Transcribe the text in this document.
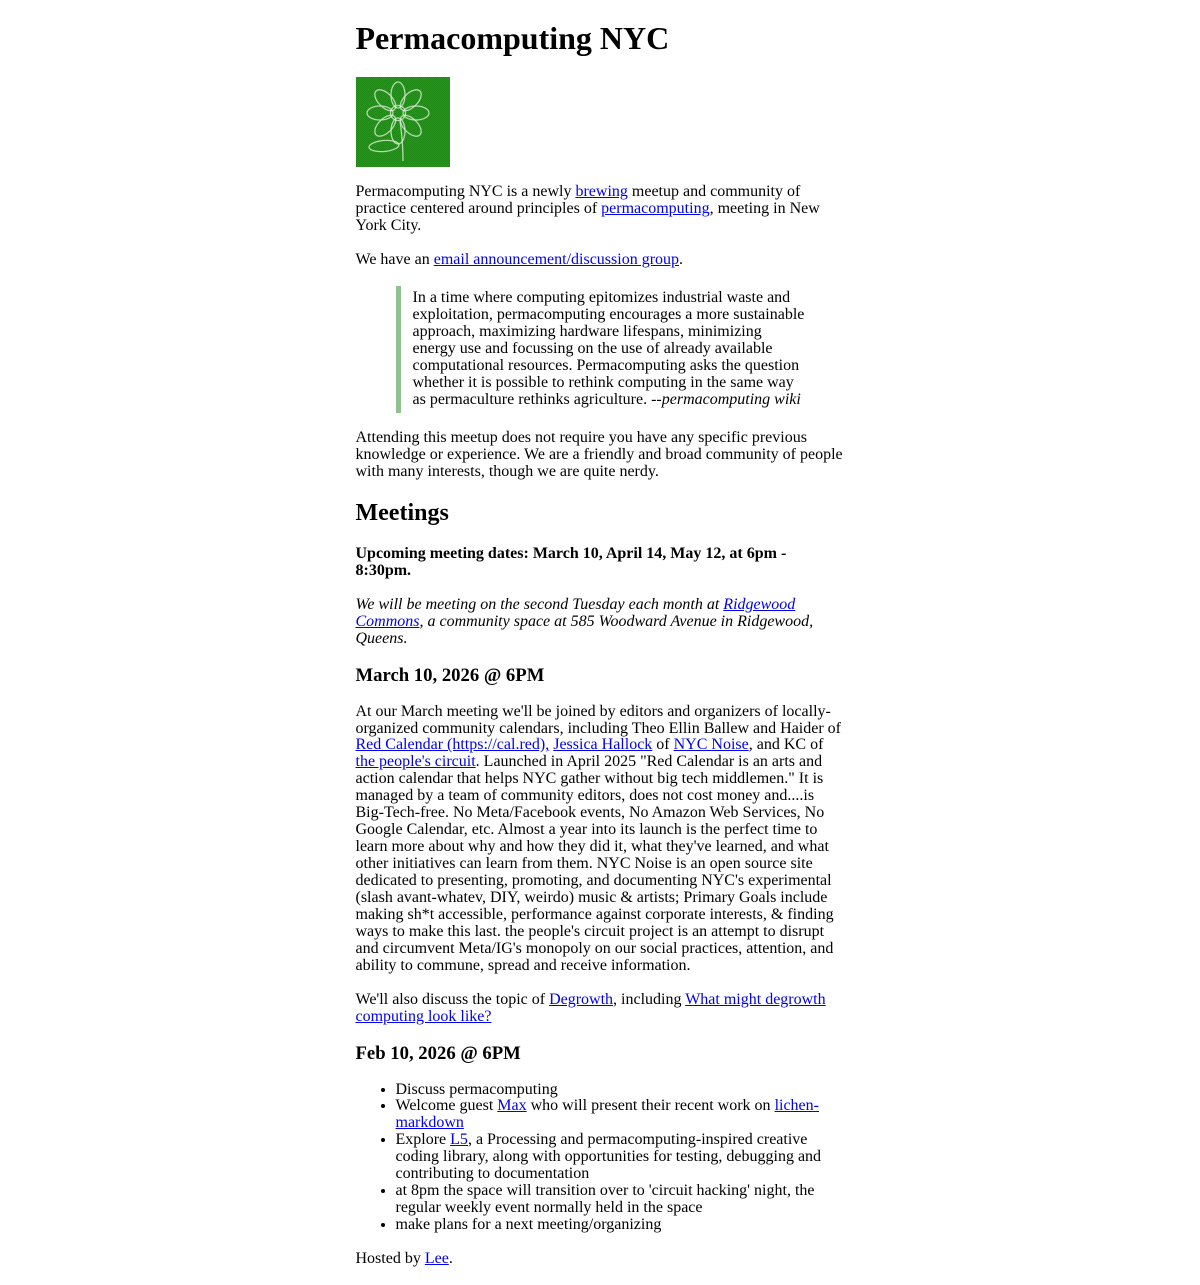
Permacomputing NYC

Permacomputing NYC is a newly brewing meetup and community of practice centered around principles of permacomputing, meeting in New York City.

We have an email announcement/discussion group.

In a time where computing epitomizes industrial waste and exploitation, permacomputing encourages a more sustainable approach, maximizing hardware lifespans, minimizing energy use and focussing on the use of already available computational resources. Permacomputing asks the question whether it is possible to rethink computing in the same way as permaculture rethinks agriculture. --permacomputing wiki

Attending this meetup does not require you have any specific previous knowledge or experience. We are a friendly and broad community of people with many interests, though we are quite nerdy.

Meetings

Upcoming meeting dates: March 10, April 14, May 12, at 6pm - 8:30pm.

We will be meeting on the second Tuesday each month at Ridgewood Commons, a community space at 585 Woodward Avenue in Ridgewood, Queens.

March 10, 2026 @ 6PM

At our March meeting we'll be joined by editors and organizers of locally-organized community calendars, including Theo Ellin Ballew and Haider of Red Calendar (https://cal.red), Jessica Hallock of NYC Noise, and KC of the people's circuit. Launched in April 2025 "Red Calendar is an arts and action calendar that helps NYC gather without big tech middlemen." It is managed by a team of community editors, does not cost money and....is Big-Tech-free. No Meta/Facebook events, No Amazon Web Services, No Google Calendar, etc. Almost a year into its launch is the perfect time to learn more about why and how they did it, what they've learned, and what other initiatives can learn from them. NYC Noise is an open source site dedicated to presenting, promoting, and documenting NYC's experimental (slash avant-whatev, DIY, weirdo) music & artists; Primary Goals include making sh*t accessible, performance against corporate interests, & finding ways to make this last. the people's circuit project is an attempt to disrupt and circumvent Meta/IG's monopoly on our social practices, attention, and ability to commune, spread and receive information.

We'll also discuss the topic of Degrowth, including What might degrowth computing look like?

Feb 10, 2026 @ 6PM
• Discuss permacomputing
• Welcome guest Max who will present their recent work on lichen-markdown
• Explore L5, a Processing and permacomputing-inspired creative coding library, along with opportunities for testing, debugging and contributing to documentation
• at 8pm the space will transition over to 'circuit hacking' night, the regular weekly event normally held in the space
• make plans for a next meeting/organizing

Hosted by Lee.
